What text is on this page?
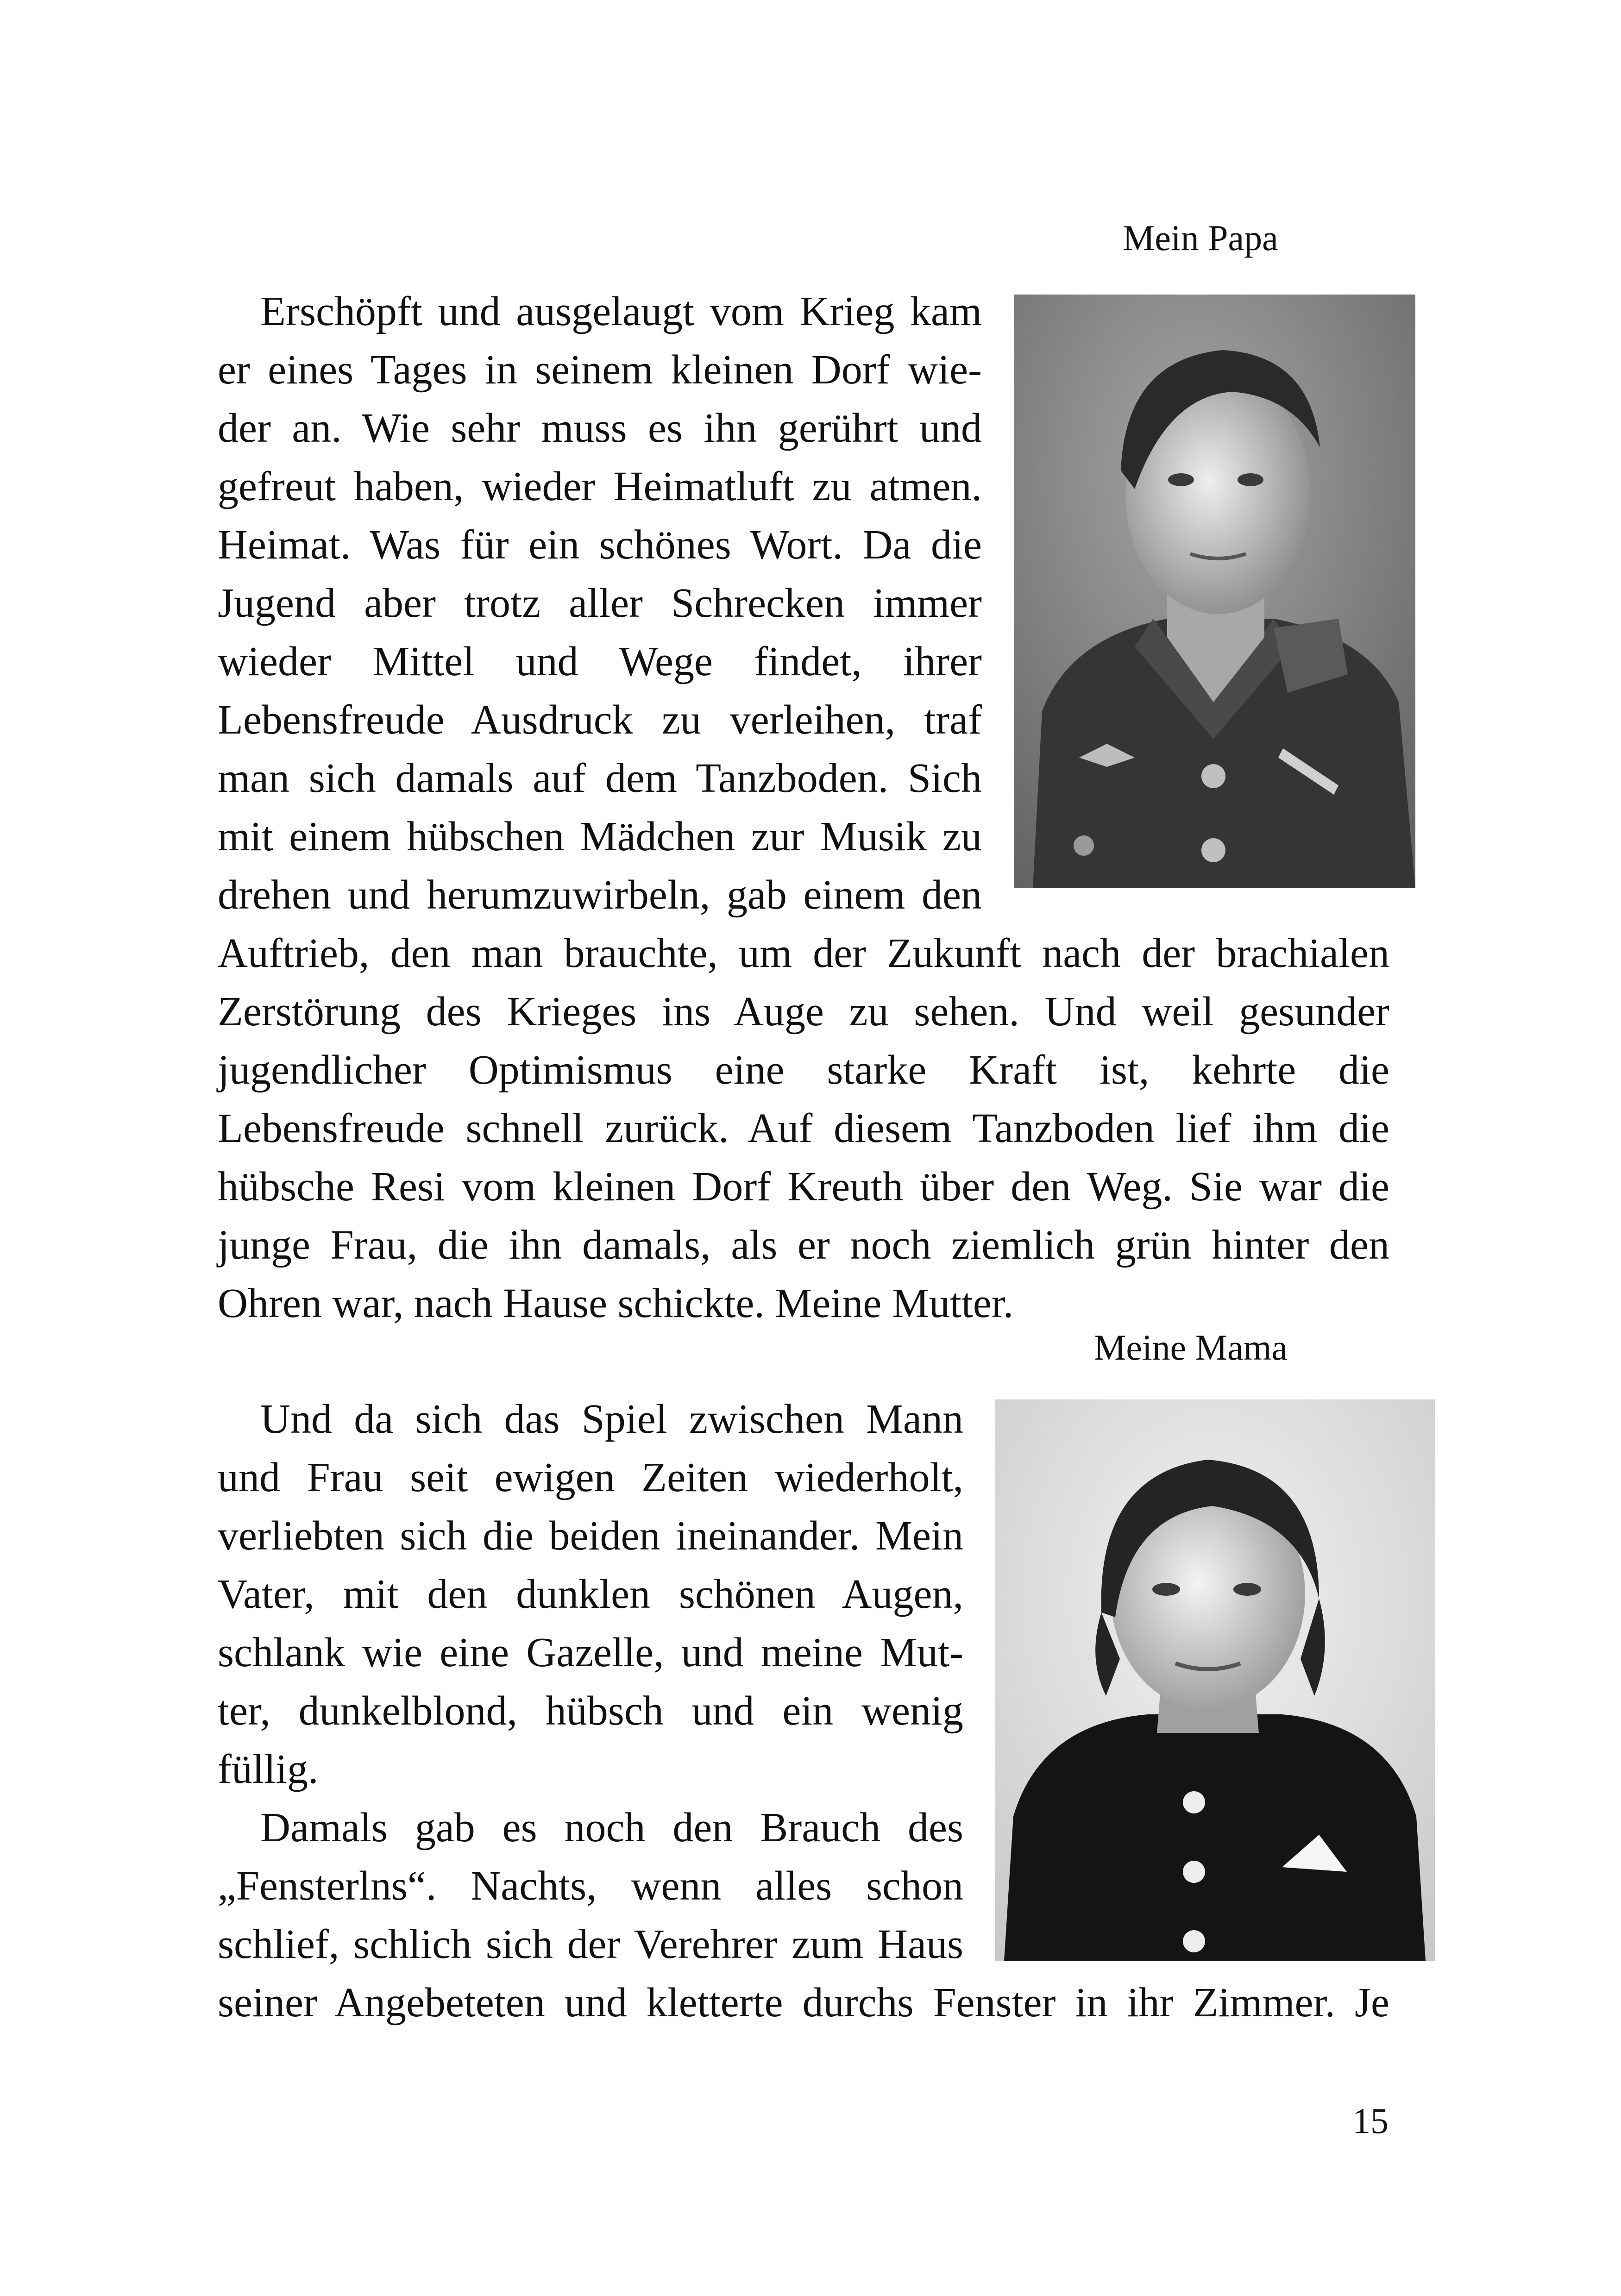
Mein Papa
Meine Mama
Erschöpft und ausgelaugt vom Krieg kam
er eines Tages in seinem kleinen Dorf wie-
der an. Wie sehr muss es ihn gerührt und
gefreut haben, wieder Heimatluft zu atmen.
Heimat. Was für ein schönes Wort. Da die
Jugend aber trotz aller Schrecken immer
wieder Mittel und Wege findet, ihrer
Lebensfreude Ausdruck zu verleihen, traf
man sich damals auf dem Tanzboden. Sich
mit einem hübschen Mädchen zur Musik zu
drehen und herumzuwirbeln, gab einem den
Auftrieb, den man brauchte, um der Zukunft nach der brachialen
Zerstörung des Krieges ins Auge zu sehen. Und weil gesunder
jugendlicher Optimismus eine starke Kraft ist, kehrte die
Lebensfreude schnell zurück. Auf diesem Tanzboden lief ihm die
hübsche Resi vom kleinen Dorf Kreuth über den Weg. Sie war die
junge Frau, die ihn damals, als er noch ziemlich grün hinter den
Ohren war, nach Hause schickte. Meine Mutter.
Und da sich das Spiel zwischen Mann
und Frau seit ewigen Zeiten wiederholt,
verliebten sich die beiden ineinander. Mein
Vater, mit den dunklen schönen Augen,
schlank wie eine Gazelle, und meine Mut-
ter, dunkelblond, hübsch und ein wenig
füllig.
Damals gab es noch den Brauch des
„Fensterlns“. Nachts, wenn alles schon
schlief, schlich sich der Verehrer zum Haus
seiner Angebeteten und kletterte durchs Fenster in ihr Zimmer. Je
15
